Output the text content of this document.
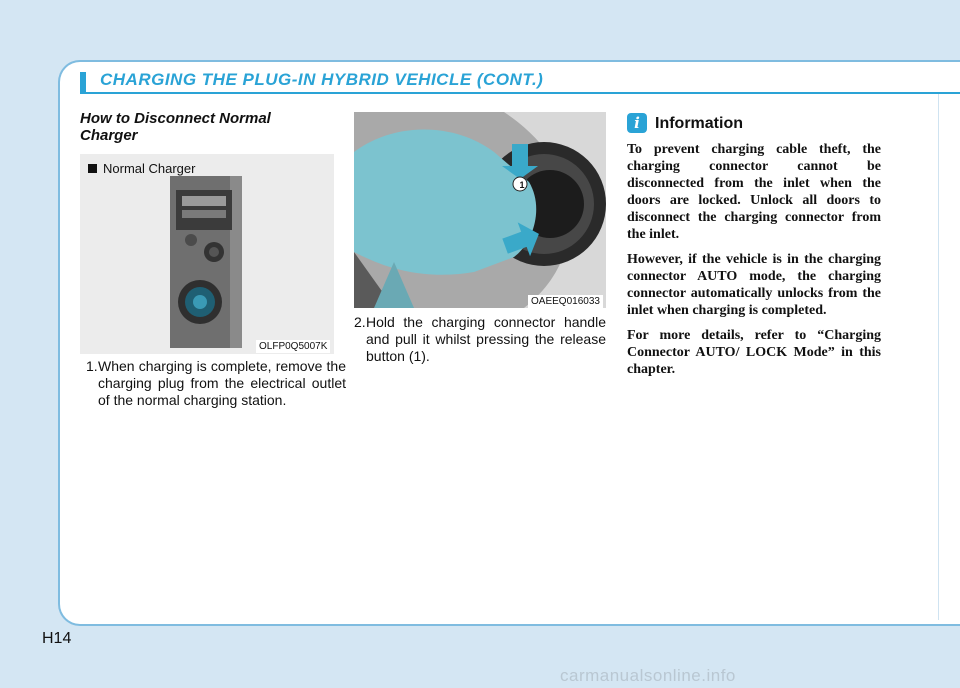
CHARGING THE PLUG-IN HYBRID VEHICLE (CONT.)
How to Disconnect Normal Charger
Normal Charger
OLFP0Q5007K
1. When charging is complete, remove the charging plug from the electrical outlet of the normal charging station.
1
OAEEQ016033
2. Hold the charging connector handle and pull it whilst pressing the release button (1).
i Information

To prevent charging cable theft, the charging connector cannot be disconnected from the inlet when the doors are locked. Unlock all doors to disconnect the charging connector from the inlet.

However, if the vehicle is in the charging connector AUTO mode, the charging connector automatically unlocks from the inlet when charging is completed.

For more details, refer to “Charging Connector AUTO/ LOCK Mode” in this chapter.

H14
carmanualsonline.info
